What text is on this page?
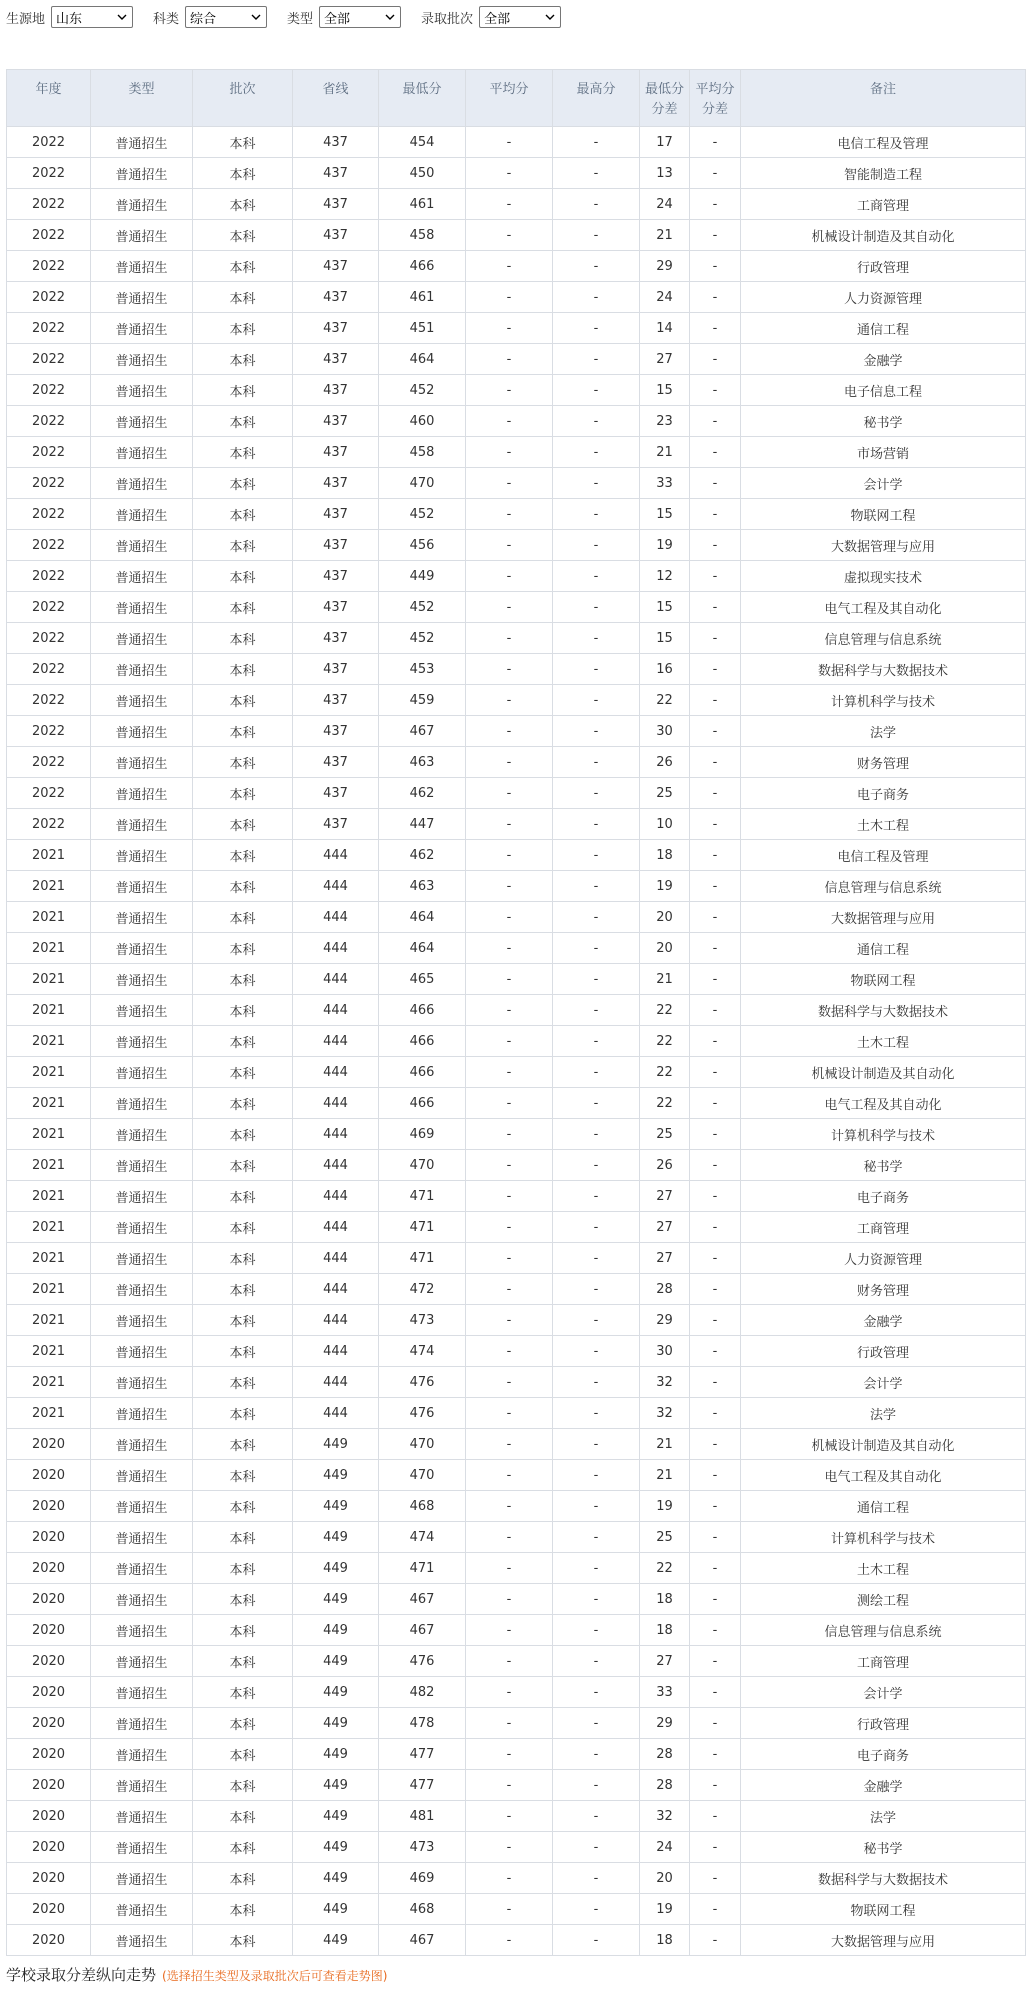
生源地 山东	科类 综合	类型 全部	录取批次 全部
年度	类型	批次	省线	最低分	平均分	最高分	最低分分差	平均分分差	备注
2022	普通招生	本科	437	454	-	-	17	-	电信工程及管理
2022	普通招生	本科	437	450	-	-	13	-	智能制造工程
2022	普通招生	本科	437	461	-	-	24	-	工商管理
2022	普通招生	本科	437	458	-	-	21	-	机械设计制造及其自动化
2022	普通招生	本科	437	466	-	-	29	-	行政管理
2022	普通招生	本科	437	461	-	-	24	-	人力资源管理
2022	普通招生	本科	437	451	-	-	14	-	通信工程
2022	普通招生	本科	437	464	-	-	27	-	金融学
2022	普通招生	本科	437	452	-	-	15	-	电子信息工程
2022	普通招生	本科	437	460	-	-	23	-	秘书学
2022	普通招生	本科	437	458	-	-	21	-	市场营销
2022	普通招生	本科	437	470	-	-	33	-	会计学
2022	普通招生	本科	437	452	-	-	15	-	物联网工程
2022	普通招生	本科	437	456	-	-	19	-	大数据管理与应用
2022	普通招生	本科	437	449	-	-	12	-	虚拟现实技术
2022	普通招生	本科	437	452	-	-	15	-	电气工程及其自动化
2022	普通招生	本科	437	452	-	-	15	-	信息管理与信息系统
2022	普通招生	本科	437	453	-	-	16	-	数据科学与大数据技术
2022	普通招生	本科	437	459	-	-	22	-	计算机科学与技术
2022	普通招生	本科	437	467	-	-	30	-	法学
2022	普通招生	本科	437	463	-	-	26	-	财务管理
2022	普通招生	本科	437	462	-	-	25	-	电子商务
2022	普通招生	本科	437	447	-	-	10	-	土木工程
2021	普通招生	本科	444	462	-	-	18	-	电信工程及管理
2021	普通招生	本科	444	463	-	-	19	-	信息管理与信息系统
2021	普通招生	本科	444	464	-	-	20	-	大数据管理与应用
2021	普通招生	本科	444	464	-	-	20	-	通信工程
2021	普通招生	本科	444	465	-	-	21	-	物联网工程
2021	普通招生	本科	444	466	-	-	22	-	数据科学与大数据技术
2021	普通招生	本科	444	466	-	-	22	-	土木工程
2021	普通招生	本科	444	466	-	-	22	-	机械设计制造及其自动化
2021	普通招生	本科	444	466	-	-	22	-	电气工程及其自动化
2021	普通招生	本科	444	469	-	-	25	-	计算机科学与技术
2021	普通招生	本科	444	470	-	-	26	-	秘书学
2021	普通招生	本科	444	471	-	-	27	-	电子商务
2021	普通招生	本科	444	471	-	-	27	-	工商管理
2021	普通招生	本科	444	471	-	-	27	-	人力资源管理
2021	普通招生	本科	444	472	-	-	28	-	财务管理
2021	普通招生	本科	444	473	-	-	29	-	金融学
2021	普通招生	本科	444	474	-	-	30	-	行政管理
2021	普通招生	本科	444	476	-	-	32	-	会计学
2021	普通招生	本科	444	476	-	-	32	-	法学
2020	普通招生	本科	449	470	-	-	21	-	机械设计制造及其自动化
2020	普通招生	本科	449	470	-	-	21	-	电气工程及其自动化
2020	普通招生	本科	449	468	-	-	19	-	通信工程
2020	普通招生	本科	449	474	-	-	25	-	计算机科学与技术
2020	普通招生	本科	449	471	-	-	22	-	土木工程
2020	普通招生	本科	449	467	-	-	18	-	测绘工程
2020	普通招生	本科	449	467	-	-	18	-	信息管理与信息系统
2020	普通招生	本科	449	476	-	-	27	-	工商管理
2020	普通招生	本科	449	482	-	-	33	-	会计学
2020	普通招生	本科	449	478	-	-	29	-	行政管理
2020	普通招生	本科	449	477	-	-	28	-	电子商务
2020	普通招生	本科	449	477	-	-	28	-	金融学
2020	普通招生	本科	449	481	-	-	32	-	法学
2020	普通招生	本科	449	473	-	-	24	-	秘书学
2020	普通招生	本科	449	469	-	-	20	-	数据科学与大数据技术
2020	普通招生	本科	449	468	-	-	19	-	物联网工程
2020	普通招生	本科	449	467	-	-	18	-	大数据管理与应用
学校录取分差纵向走势 (选择招生类型及录取批次后可查看走势图)
